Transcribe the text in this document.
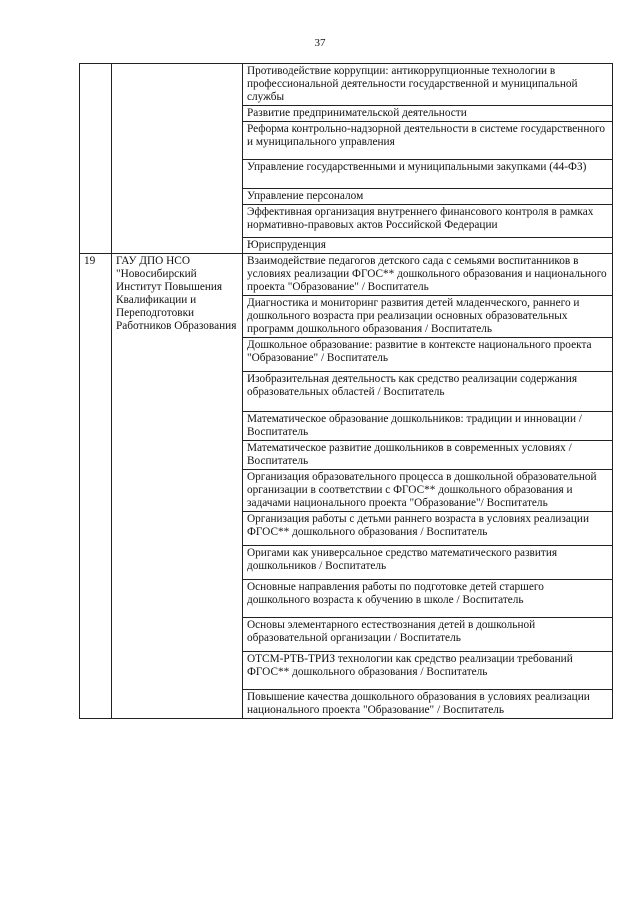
37
		Противодействие коррупции: антикоррупционные технологии в профессиональной деятельности государственной и муниципальной службы
		Развитие предпринимательской деятельности
		Реформа контрольно-надзорной деятельности в системе государственного и муниципального управления
		Управление государственными и муниципальными закупками (44-ФЗ)
		Управление персоналом
		Эффективная организация внутреннего финансового контроля в рамках нормативно-правовых актов Российской Федерации
		Юриспруденция
19	ГАУ ДПО НСО "Новосибирский Институт Повышения Квалификации и Переподготовки Работников Образования	Взаимодействие педагогов детского сада с семьями воспитанников в условиях реализации ФГОС** дошкольного образования и национального проекта "Образование" / Воспитатель
		Диагностика и мониторинг развития детей младенческого, раннего и дошкольного возраста при реализации основных образовательных программ дошкольного образования / Воспитатель
		Дошкольное образование: развитие в контексте национального проекта "Образование" / Воспитатель
		Изобразительная деятельность как средство реализации содержания образовательных областей / Воспитатель
		Математическое образование дошкольников: традиции и инновации / Воспитатель
		Математическое развитие дошкольников в современных условиях / Воспитатель
		Организация образовательного процесса в дошкольной образовательной организации в соответствии с ФГОС** дошкольного образования и задачами национального проекта "Образование"/ Воспитатель
		Организация работы с детьми раннего возраста в условиях реализации ФГОС** дошкольного образования / Воспитатель
		Оригами как универсальное средство математического развития дошкольников / Воспитатель
		Основные направления работы по подготовке детей старшего дошкольного возраста к обучению в школе / Воспитатель
		Основы элементарного естествознания детей в дошкольной образовательной организации / Воспитатель
		ОТСМ-РТВ-ТРИЗ технологии как средство реализации требований ФГОС** дошкольного образования / Воспитатель
		Повышение качества дошкольного образования в условиях реализации национального проекта "Образование" / Воспитатель
